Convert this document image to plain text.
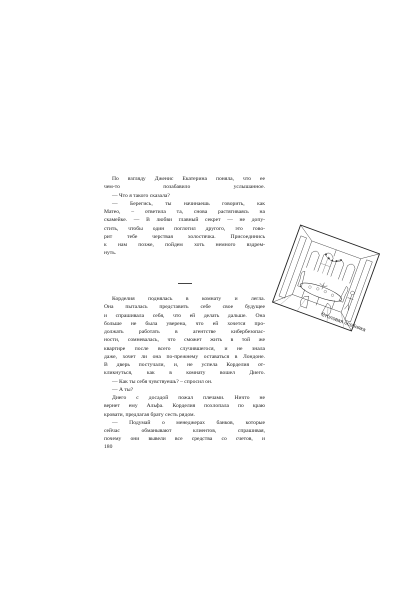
По взгляду Дженис Екатерина поняла, что ее
чем-то позабавило услышанное.
— Что я такого сказала?
— Берегись, ты начинаешь говорить, как
Матео, – ответила та, снова растягиваясь на
скамейке. — В любви главный секрет — не допу-
стить, чтобы один поглотил другого, это гово-
рит тебе черствая холостячка. Присоединись
к нам позже, пойдем хоть немного вздрем-
нуть.
Корделия поднялась в комнату и легла.
Она пыталась представить себе свое будущее
и спрашивала себя, что ей делать дальше. Она
больше не была уверена, что ей хочется про-
должать работать в агентстве кибербезопас-
ности, сомневалась, что сможет жить в той же
квартире после всего случившегося, и не знала
даже, хочет ли она по-прежнему оставаться в Лондоне.
В дверь постучали, и, не успела Корделия от-
кликнуться, как в комнату вошел Диего.
— Как ты себя чувствуешь? – спросил он.
— А ты?
Диего с досадой пожал плечами. Ничто не
вернет ему Альфа. Корделия похлопала по краю
кровати, предлагая брату сесть рядом.
— Подумай о менеджерах банков, которые
сейчас обманывают клиентов, спрашивая,
почему они вывели все средства со счетов, и
180
Столовая особняка
